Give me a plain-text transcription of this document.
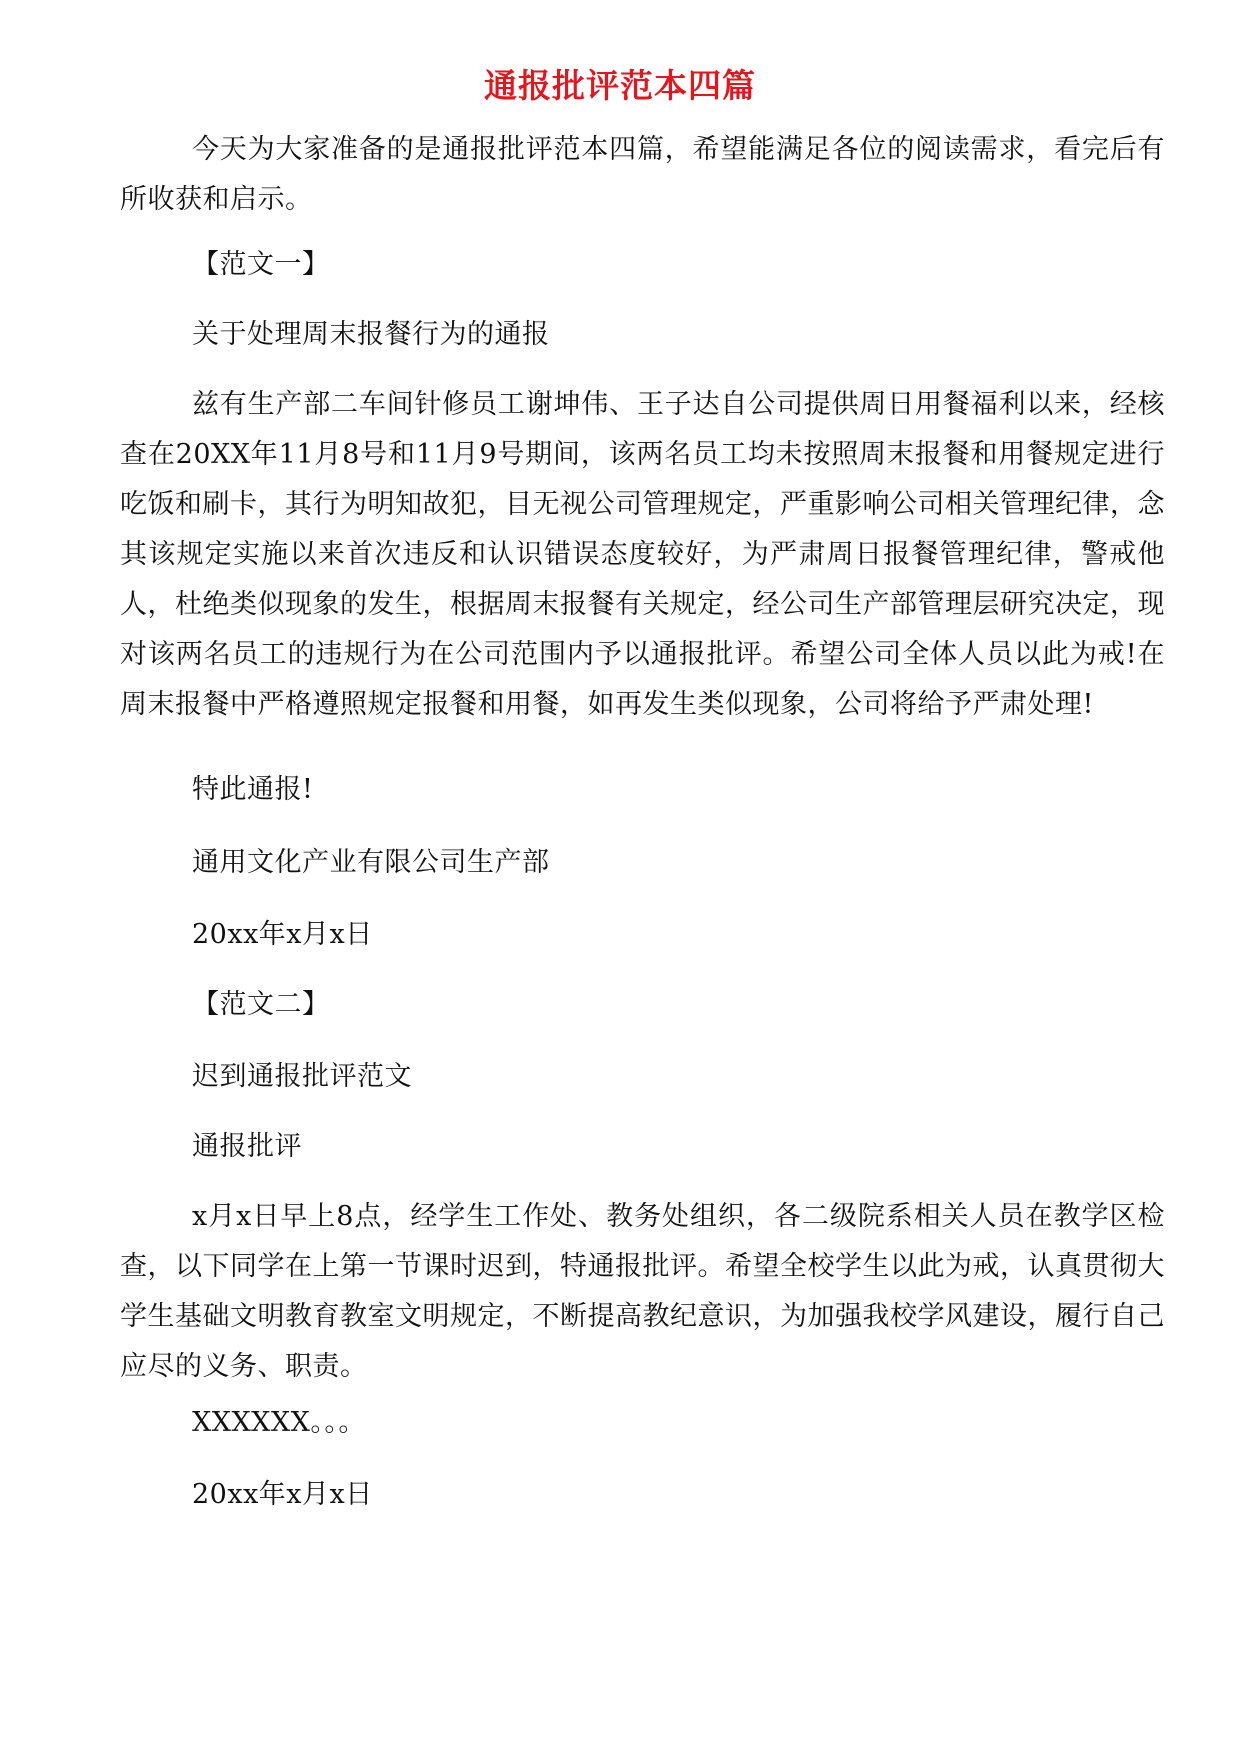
通报批评范本四篇
今天为大家准备的是通报批评范本四篇，希望能满足各位的阅读需求，看完后有所收获和启示。
【范文一】
关于处理周末报餐行为的通报
兹有生产部二车间针修员工谢坤伟、王子达自公司提供周日用餐福利以来，经核查在20XX年11月8号和11月9号期间，该两名员工均未按照周末报餐和用餐规定进行吃饭和刷卡，其行为明知故犯，目无视公司管理规定，严重影响公司相关管理纪律，念其该规定实施以来首次违反和认识错误态度较好，为严肃周日报餐管理纪律，警戒他人，杜绝类似现象的发生，根据周末报餐有关规定，经公司生产部管理层研究决定，现对该两名员工的违规行为在公司范围内予以通报批评。希望公司全体人员以此为戒!在周末报餐中严格遵照规定报餐和用餐，如再发生类似现象，公司将给予严肃处理!
特此通报!
通用文化产业有限公司生产部
20xx年x月x日
【范文二】
迟到通报批评范文
通报批评
x月x日早上8点，经学生工作处、教务处组织，各二级院系相关人员在教学区检查，以下同学在上第一节课时迟到，特通报批评。希望全校学生以此为戒，认真贯彻大学生基础文明教育教室文明规定，不断提高教纪意识，为加强我校学风建设，履行自己应尽的义务、职责。
XXXXXX。。。
20xx年x月x日
